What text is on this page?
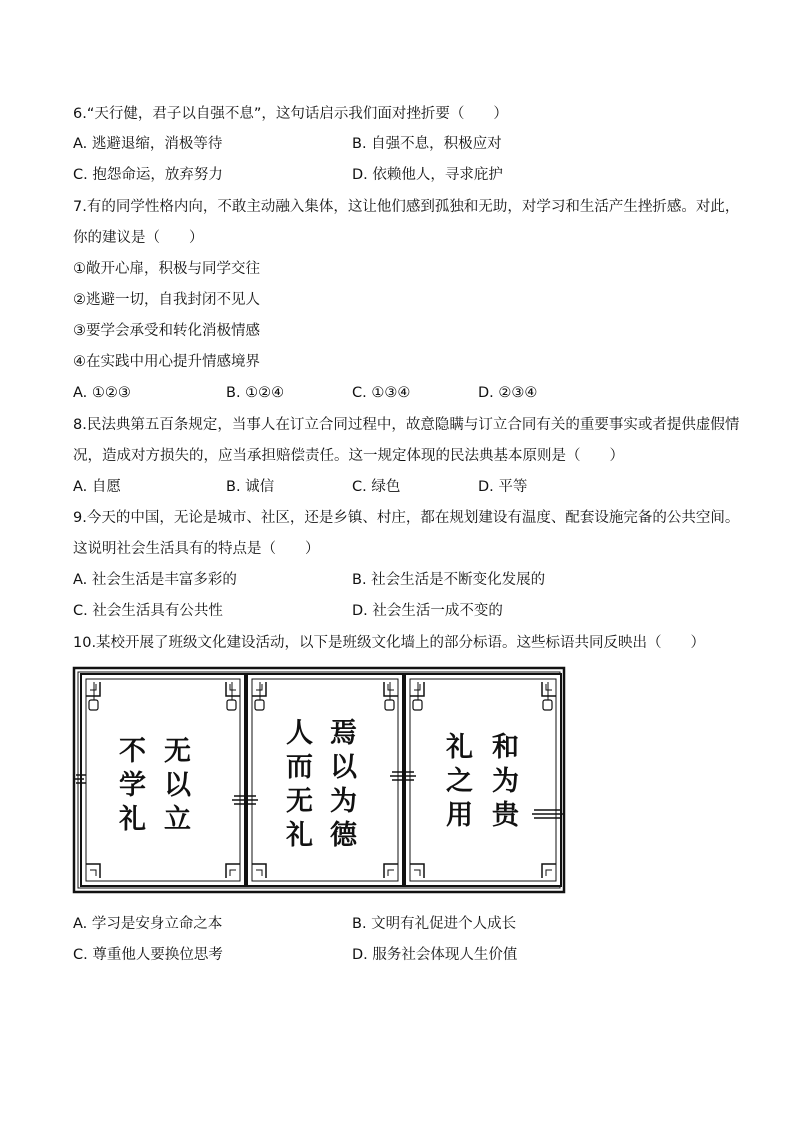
6.“天行健，君子以自强不息”，这句话启示我们面对挫折要（　　）
A. 逃避退缩，消极等待	B. 自强不息，积极应对
C. 抱怨命运，放弃努力	D. 依赖他人，寻求庇护
7.有的同学性格内向，不敢主动融入集体，这让他们感到孤独和无助，对学习和生活产生挫折感。对此，
你的建议是（　　）
①敞开心扉，积极与同学交往
②逃避一切，自我封闭不见人
③要学会承受和转化消极情感
④在实践中用心提升情感境界
A. ①②③	B. ①②④	C. ①③④	D. ②③④
8.民法典第五百条规定，当事人在订立合同过程中，故意隐瞒与订立合同有关的重要事实或者提供虚假情
况，造成对方损失的，应当承担赔偿责任。这一规定体现的民法典基本原则是（　　）
A. 自愿	B. 诚信	C. 绿色	D. 平等
9.今天的中国，无论是城市、社区，还是乡镇、村庄，都在规划建设有温度、配套设施完备的公共空间。
这说明社会生活具有的特点是（　　）
A. 社会生活是丰富多彩的	B. 社会生活是不断变化发展的
C. 社会生活具有公共性	D. 社会生活一成不变的
10.某校开展了班级文化建设活动，以下是班级文化墙上的部分标语。这些标语共同反映出（　　）
无 以 立
不 学 礼
焉 以 为 德
人 而 无 礼
和 为 贵
礼 之 用
A. 学习是安身立命之本	B. 文明有礼促进个人成长
C. 尊重他人要换位思考	D. 服务社会体现人生价值
